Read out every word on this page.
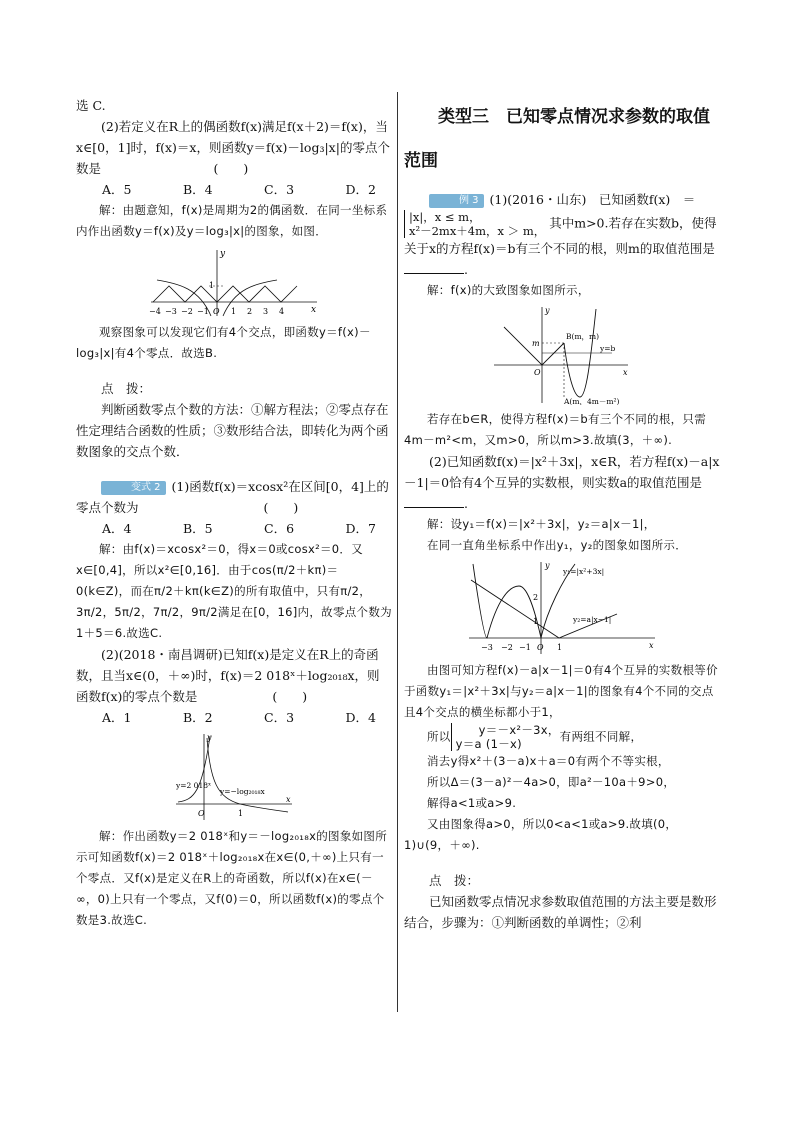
选 C.

(2)若定义在R上的偶函数f(x)满足f(x＋2)＝f(x)，当x∈[0，1]时，f(x)＝x，则函数y＝f(x)－log₃|x|的零点个数是　　　　　　　　　(　　)

A．5	B．4	C．3	D．2

解：由题意知，f(x)是周期为2的偶函数．在同一坐标系内作出函数y＝f(x)及y＝log₃|x|的图象，如图．

y
x
1
−4 −3 −2 −1 O 1 2 3 4

观察图象可以发现它们有4个交点，即函数y＝f(x)－log₃|x|有4个零点．故选B.

点　拨：

判断函数零点个数的方法：①解方程法；②零点存在性定理结合函数的性质；③数形结合法，即转化为两个函数图象的交点个数．

变式 2 (1)函数f(x)＝xcosx²在区间[0，4]上的零点个数为　　　　　　　　　　(　　)

A．4	B．5	C．6	D．7

解：由f(x)＝xcosx²＝0，得x＝0或cosx²＝0．又x∈[0,4]，所以x²∈[0,16]．由于cos(π/2＋kπ)＝0(k∈Z)，而在π/2＋kπ(k∈Z)的所有取值中，只有π/2，3π/2，5π/2，7π/2，9π/2满足在[0，16]内，故零点个数为1＋5＝6.故选C.

(2)(2018・南昌调研)已知f(x)是定义在R上的奇函数，且当x∈(0，＋∞)时，f(x)＝2 018ˣ＋log₂₀₁₈x，则函数f(x)的零点个数是　　　　　　(　　)

A．1	B．2	C．3	D．4
y
x
y=2 018ˣ
y=−log₂₀₁₈x
O	1

解：作出函数y＝2 018ˣ和y＝－log₂₀₁₈x的图象如图所示可知函数f(x)＝2 018ˣ＋log₂₀₁₈x在x∈(0,＋∞)上只有一个零点．又f(x)是定义在R上的奇函数，所以f(x)在x∈(－∞，0)上只有一个零点，又f(0)＝0，所以函数f(x)的零点个数是3.故选C.

类型三　已知零点情况求参数的取值范围

例 3 (1)(2016・山东)　已知函数f(x)　＝

|x|，x ≤ m，
x²－2mx＋4m，x ＞ m， 其中m>0.若存在实数b，使得关于x的方程f(x)＝b有三个不同的根，则m的取值范围是.

解：f(x)的大致图象如图所示，

y
x
B(m，m)
A(m，4m－m²)
m
y=b
O

若存在b∈R，使得方程f(x)＝b有三个不同的根，只需4m－m²<m，又m>0，所以m>3.故填(3，＋∞).

(2)已知函数f(x)＝|x²＋3x|，x∈R，若方程f(x)－a|x－1|＝0恰有4个互异的实数根，则实数a的取值范围是.

解：设y₁＝f(x)＝|x²＋3x|，y₂＝a|x－1|，

在同一直角坐标系中作出y₁，y₂的图象如图所示．

y
x
y₁=|x²+3x|
y₂=a|x−1|
2
1
−3 −2 −1 O 1

由图可知方程f(x)－a|x－1|＝0有4个互异的实数根等价于函数y₁＝|x²＋3x|与y₂＝a|x－1|的图象有4个不同的交点且4个交点的横坐标都小于1，

所以 y＝－x²－3x，
y＝a (1－x)有两组不同解，

消去y得x²＋(3－a)x＋a＝0有两个不等实根，

所以Δ＝(3－a)²－4a>0，即a²－10a＋9>0，

解得a<1或a>9.

又由图象得a>0，所以0<a<1或a>9.故填(0，1)∪(9，＋∞).

点　拨：

已知函数零点情况求参数取值范围的方法主要是数形结合，步骤为：①判断函数的单调性；②利
